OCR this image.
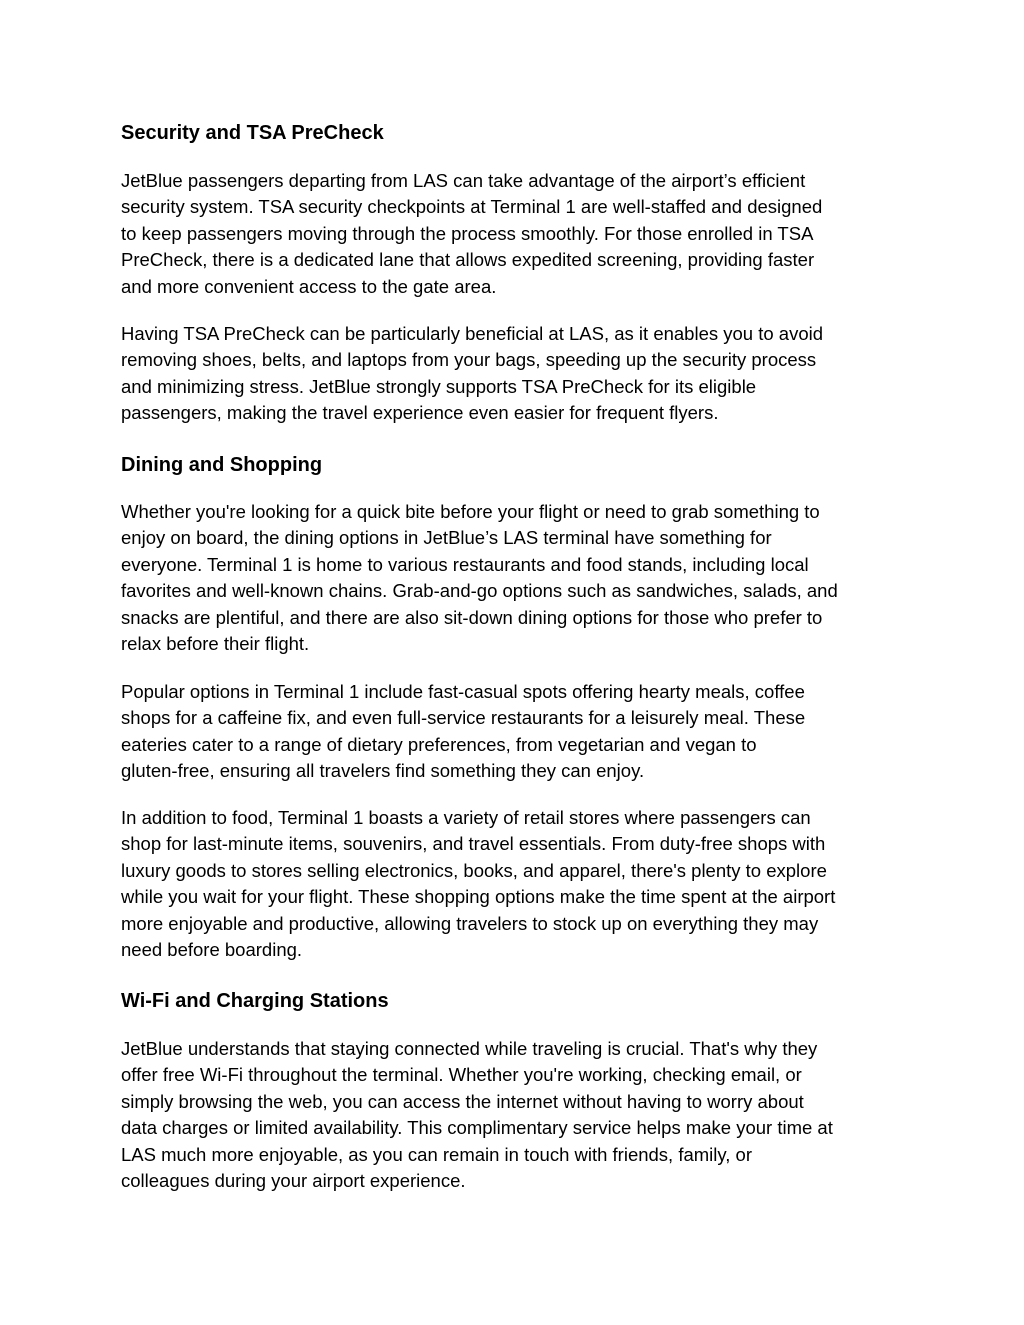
Security and TSA PreCheck

JetBlue passengers departing from LAS can take advantage of the airport’s efficient
security system. TSA security checkpoints at Terminal 1 are well-staffed and designed
to keep passengers moving through the process smoothly. For those enrolled in TSA
PreCheck, there is a dedicated lane that allows expedited screening, providing faster
and more convenient access to the gate area.

Having TSA PreCheck can be particularly beneficial at LAS, as it enables you to avoid
removing shoes, belts, and laptops from your bags, speeding up the security process
and minimizing stress. JetBlue strongly supports TSA PreCheck for its eligible
passengers, making the travel experience even easier for frequent flyers.

Dining and Shopping

Whether you're looking for a quick bite before your flight or need to grab something to
enjoy on board, the dining options in JetBlue’s LAS terminal have something for
everyone. Terminal 1 is home to various restaurants and food stands, including local
favorites and well-known chains. Grab-and-go options such as sandwiches, salads, and
snacks are plentiful, and there are also sit-down dining options for those who prefer to
relax before their flight.

Popular options in Terminal 1 include fast-casual spots offering hearty meals, coffee
shops for a caffeine fix, and even full-service restaurants for a leisurely meal. These
eateries cater to a range of dietary preferences, from vegetarian and vegan to
gluten-free, ensuring all travelers find something they can enjoy.

In addition to food, Terminal 1 boasts a variety of retail stores where passengers can
shop for last-minute items, souvenirs, and travel essentials. From duty-free shops with
luxury goods to stores selling electronics, books, and apparel, there's plenty to explore
while you wait for your flight. These shopping options make the time spent at the airport
more enjoyable and productive, allowing travelers to stock up on everything they may
need before boarding.

Wi-Fi and Charging Stations

JetBlue understands that staying connected while traveling is crucial. That's why they
offer free Wi-Fi throughout the terminal. Whether you're working, checking email, or
simply browsing the web, you can access the internet without having to worry about
data charges or limited availability. This complimentary service helps make your time at
LAS much more enjoyable, as you can remain in touch with friends, family, or
colleagues during your airport experience.
